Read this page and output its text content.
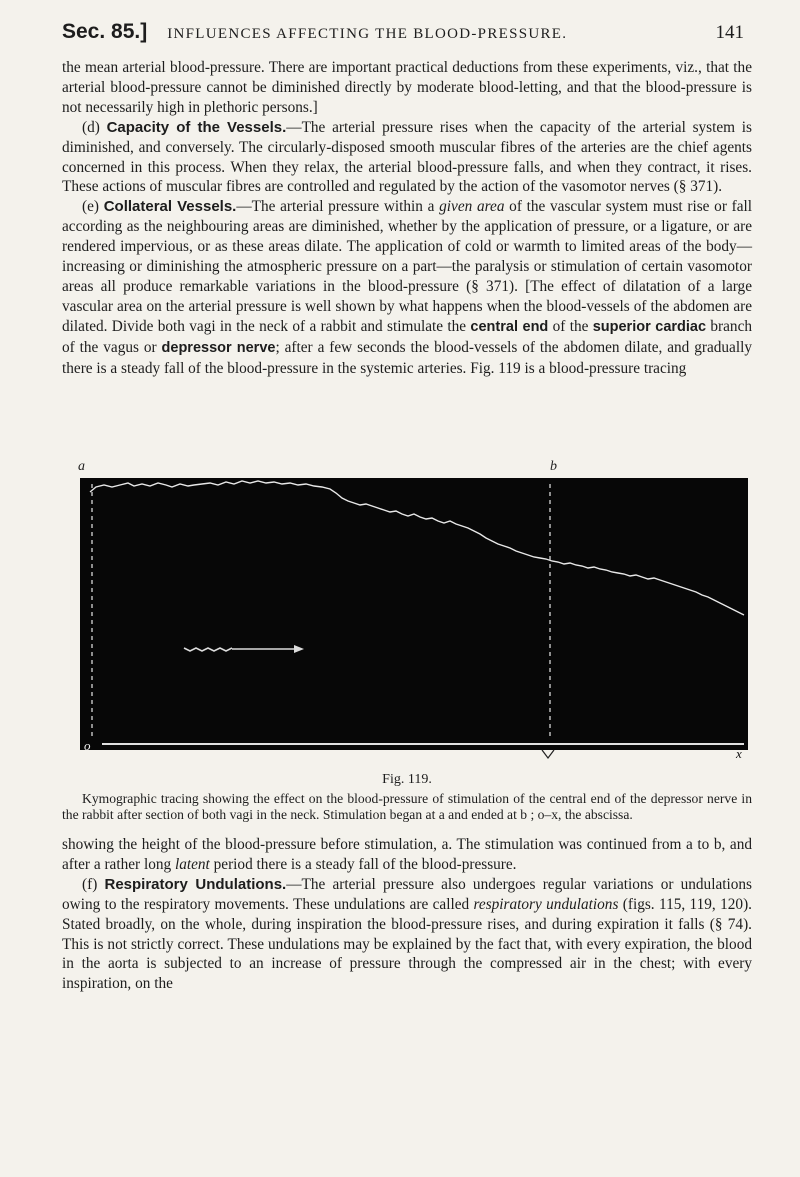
Sec. 85.] INFLUENCES AFFECTING THE BLOOD-PRESSURE.	141

the mean arterial blood-pressure. There are important practical deductions from these experiments, viz., that the arterial blood-pressure cannot be diminished directly by moderate blood-letting, and that the blood-pressure is not necessarily high in plethoric persons.]

(d) Capacity of the Vessels.—The arterial pressure rises when the capacity of the arterial system is diminished, and conversely. The circularly-disposed smooth muscular fibres of the arteries are the chief agents concerned in this process. When they relax, the arterial blood-pressure falls, and when they contract, it rises. These actions of muscular fibres are controlled and regulated by the action of the vasomotor nerves (§ 371).

(e) Collateral Vessels.—The arterial pressure within a given area of the vascular system must rise or fall according as the neighbouring areas are diminished, whether by the application of pressure, or a ligature, or are rendered impervious, or as these areas dilate. The application of cold or warmth to limited areas of the body—increasing or diminishing the atmospheric pressure on a part—the paralysis or stimulation of certain vasomotor areas all produce remarkable variations in the blood-pressure (§ 371). [The effect of dilatation of a large vascular area on the arterial pressure is well shown by what happens when the blood-vessels of the abdomen are dilated. Divide both vagi in the neck of a rabbit and stimulate the central end of the superior cardiac branch of the vagus or depressor nerve; after a few seconds the blood-vessels of the abdomen dilate, and gradually there is a steady fall of the blood-pressure in the systemic arteries. Fig. 119 is a blood-pressure tracing

a	b
o
x
Fig. 119.
Kymographic tracing showing the effect on the blood-pressure of stimulation of the central end of the depressor nerve in the rabbit after section of both vagi in the neck. Stimulation began at a and ended at b ; o–x, the abscissa.

showing the height of the blood-pressure before stimulation, a. The stimulation was continued from a to b, and after a rather long latent period there is a steady fall of the blood-pressure.

(f) Respiratory Undulations.—The arterial pressure also undergoes regular variations or undulations owing to the respiratory movements. These undulations are called respiratory undulations (figs. 115, 119, 120). Stated broadly, on the whole, during inspiration the blood-pressure rises, and during expiration it falls (§ 74). This is not strictly correct. These undulations may be explained by the fact that, with every expiration, the blood in the aorta is subjected to an increase of pressure through the compressed air in the chest; with every inspiration, on the
